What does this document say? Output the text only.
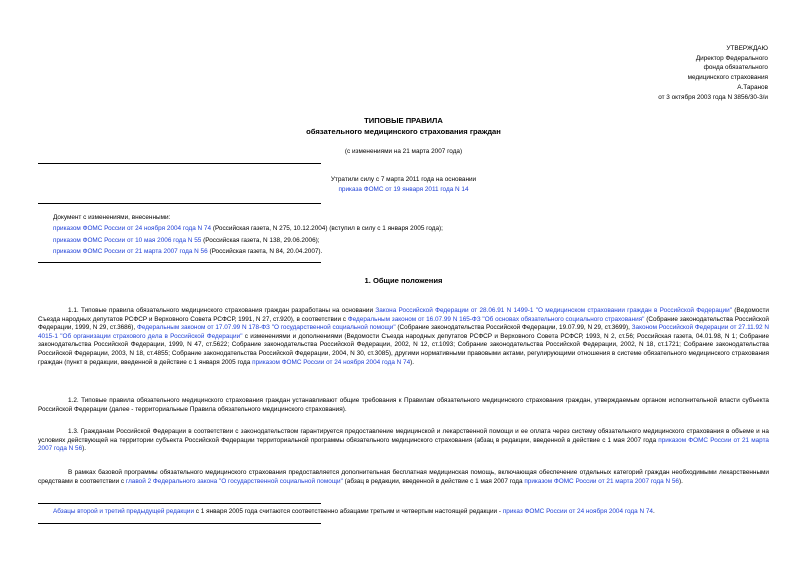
УТВЕРЖДАЮ
Директор Федерального
фонда обязательного
медицинского страхования
А.Таранов
от 3 октября 2003 года N 3856/30-3/и
ТИПОВЫЕ ПРАВИЛА
обязательного медицинского страхования граждан
(с изменениями на 21 марта 2007 года)
Утратили силу с 7 марта 2011 года на основании
приказа ФОМС от 19 января 2011 года N 14
Документ с изменениями, внесенными:
приказом ФОМС России от 24 ноября 2004 года N 74 (Российская газета, N 275, 10.12.2004) (вступил в силу с 1 января 2005 года);
приказом ФОМС России от 10 мая 2006 года N 55 (Российская газета, N 138, 29.06.2006);
приказом ФОМС России от 21 марта 2007 года N 56 (Российская газета, N 84, 20.04.2007).
1. Общие положения
1.1. Типовые правила обязательного медицинского страхования граждан разработаны на основании Закона Российской Федерации от 28.06.91 N 1499-1 "О медицинском страховании граждан в Российской Федерации" (Ведомости Съезда народных депутатов РСФСР и Верховного Совета РСФСР, 1991, N 27, ст.920), в соответствии с Федеральным законом от 16.07.99 N 165-ФЗ "Об основах обязательного социального страхования" (Собрание законодательства Российской Федерации, 1999, N 29, ст.3686), Федеральным законом от 17.07.99 N 178-ФЗ "О государственной социальной помощи" (Собрание законодательства Российской Федерации, 19.07.99, N 29, ст.3699), Законом Российской Федерации от 27.11.92 N 4015-1 "Об организации страхового дела в Российской Федерации" с изменениями и дополнениями (Ведомости Съезда народных депутатов РСФСР и Верховного Совета РСФСР, 1993, N 2, ст.56; Российская газета, 04.01.98, N 1; Собрание законодательства Российской Федерации, 1999, N 47, ст.5622; Собрание законодательства Российской Федерации, 2002, N 12, ст.1093; Собрание законодательства Российской Федерации, 2002, N 18, ст.1721; Собрание законодательства Российской Федерации, 2003, N 18, ст.4855; Собрание законодательства Российской Федерации, 2004, N 30, ст.3085), другими нормативными правовыми актами, регулирующими отношения в системе обязательного медицинского страхования граждан (пункт в редакции, введенной в действие с 1 января 2005 года приказом ФОМС России от 24 ноября 2004 года N 74).
1.2. Типовые правила обязательного медицинского страхования граждан устанавливают общие требования к Правилам обязательного медицинского страхования граждан, утверждаемым органом исполнительной власти субъекта Российской Федерации (далее - территориальные Правила обязательного медицинского страхования).
1.3. Гражданам Российской Федерации в соответствии с законодательством гарантируется предоставление медицинской и лекарственной помощи и ее оплата через систему обязательного медицинского страхования в объеме и на условиях действующей на территории субъекта Российской Федерации территориальной программы обязательного медицинского страхования (абзац в редакции, введенной в действие с 1 мая 2007 года приказом ФОМС России от 21 марта 2007 года N 56).
В рамках базовой программы обязательного медицинского страхования предоставляется дополнительная бесплатная медицинская помощь, включающая обеспечение отдельных категорий граждан необходимыми лекарственными средствами в соответствии с главой 2 Федерального закона "О государственной социальной помощи" (абзац в редакции, введенной в действие с 1 мая 2007 года приказом ФОМС России от 21 марта 2007 года N 56).
Абзацы второй и третий предыдущей редакции с 1 января 2005 года считаются соответственно абзацами третьим и четвертым настоящей редакции - приказ ФОМС России от 24 ноября 2004 года N 74.
